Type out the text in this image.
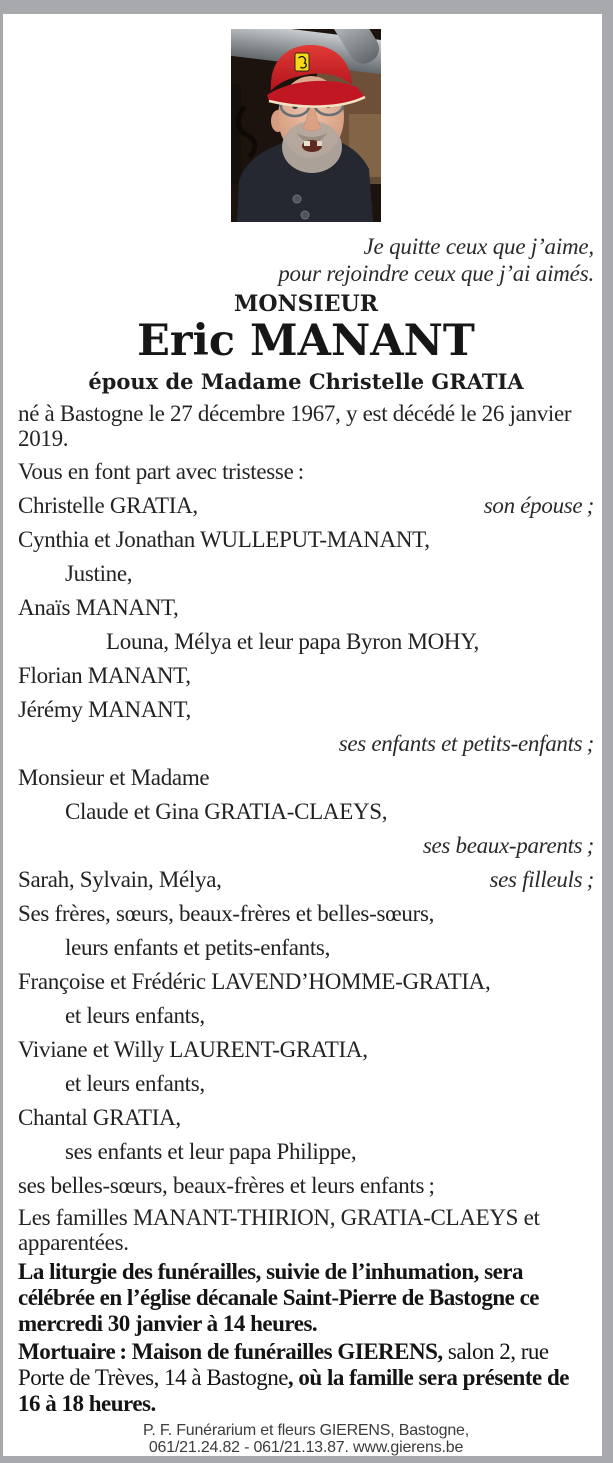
Je quitte ceux que j’aime,
pour rejoindre ceux que j’ai aimés.
MONSIEUR
Eric MANANT
époux de Madame Christelle GRATIA

né à Bastogne le 27 décembre 1967, y est décédé le 26 janvier 2019.

Vous en font part avec tristesse :

Christelle GRATIA,	son épouse ;
Cynthia et Jonathan WULLEPUT-MANANT,
Justine,
Anaïs MANANT,
Louna, Mélya et leur papa Byron MOHY,
Florian MANANT,
Jérémy MANANT,
ses enfants et petits-enfants ;
Monsieur et Madame
Claude et Gina GRATIA-CLAEYS,
ses beaux-parents ;
Sarah, Sylvain, Mélya,	ses filleuls ;
Ses frères, sœurs, beaux-frères et belles-sœurs,
leurs enfants et petits-enfants,
Françoise et Frédéric LAVEND’HOMME-GRATIA,
et leurs enfants,
Viviane et Willy LAURENT-GRATIA,
et leurs enfants,
Chantal GRATIA,
ses enfants et leur papa Philippe,
ses belles-sœurs, beaux-frères et leurs enfants ;

Les familles MANANT-THIRION, GRATIA-CLAEYS et apparentées.

La liturgie des funérailles, suivie de l’inhumation, sera célébrée en l’église décanale Saint-Pierre de Bastogne ce mercredi 30 janvier à 14 heures.

Mortuaire : Maison de funérailles GIERENS, salon 2, rue Porte de Trèves, 14 à Bastogne, où la famille sera présente de 16 à 18 heures.

P. F. Funérarium et fleurs GIERENS, Bastogne,
061/21.24.82 - 061/21.13.87. www.gierens.be
